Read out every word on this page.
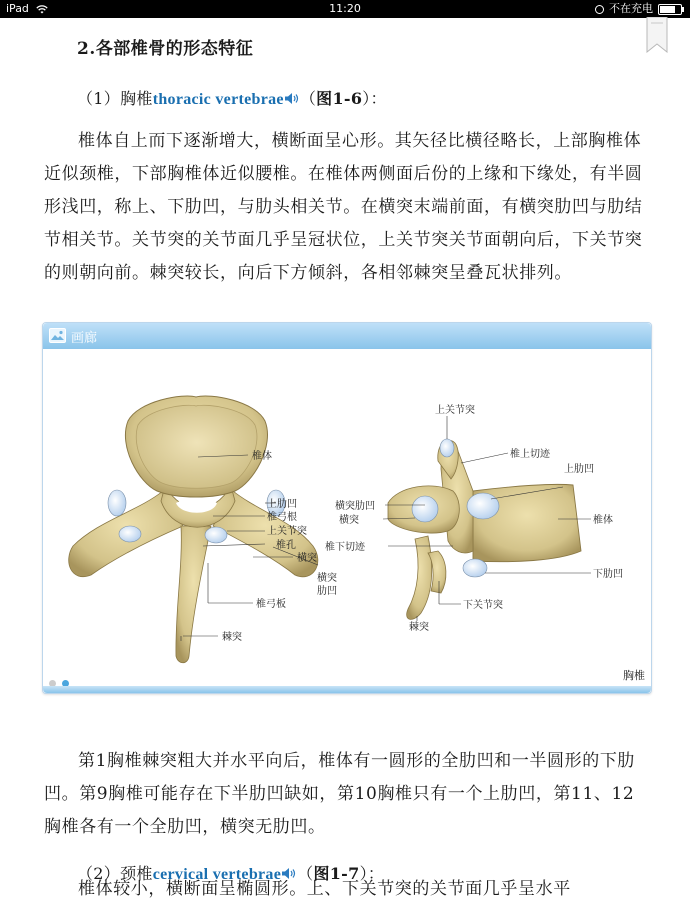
iPad	11:20	不在充电
2.各部椎骨的形态特征
（1）胸椎thoracic vertebrae （图1-6）：

椎体自上而下逐渐增大，横断面呈心形。其矢径比横径略长，上部胸椎体近似颈椎，下部胸椎体近似腰椎。在椎体两侧面后份的上缘和下缘处，有半圆形浅凹，称上、下肋凹，与肋头相关节。在横突末端前面，有横突肋凹与肋结节相关节。关节突的关节面几乎呈冠状位，上关节突关节面朝向后，下关节突的则朝向前。棘突较长，向后下方倾斜，各相邻棘突呈叠瓦状排列。

画廊
椎体
上肋凹
椎弓根
上关节突
椎孔
横突
横突
肋凹
椎弓板
棘突
上关节突
椎上切迹
上肋凹
横突肋凹
横突	椎体
椎下切迹
下肋凹
下关节突
棘突
胸椎

第1胸椎棘突粗大并水平向后，椎体有一圆形的全肋凹和一半圆形的下肋凹。第9胸椎可能存在下半肋凹缺如，第10胸椎只有一个上肋凹，第11、12胸椎各有一个全肋凹，横突无肋凹。

（2）颈椎cervical vertebrae （图1-7）：

椎体较小，横断面呈椭圆形。上、下关节突的关节面几乎呈水平
